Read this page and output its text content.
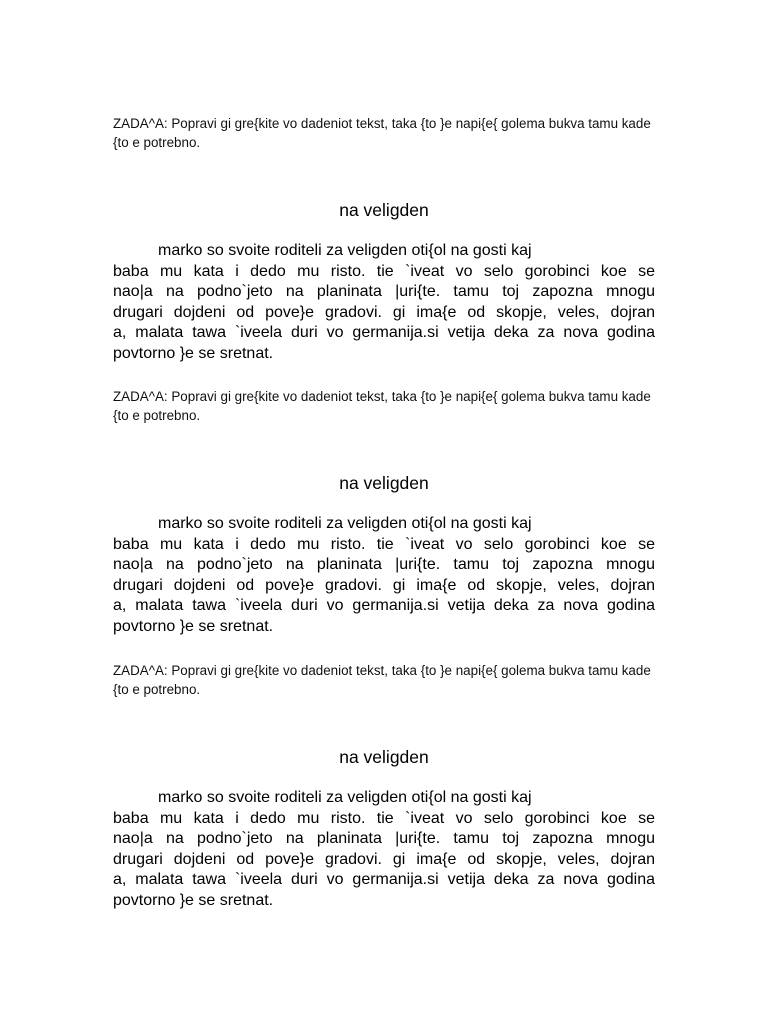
ZADA^A: Popravi gi gre{kite vo dadeniot tekst, taka {to }e napi{e{ golema bukva tamu kade {to e potrebno.

na veligden
marko so svoite roditeli za veligden oti{ol na gosti kaj
baba mu kata i dedo mu risto. tie `iveat vo selo gorobinci koe se
nao|a na podno`jeto na planinata |uri{te. tamu toj zapozna mnogu
drugari dojdeni od pove}e gradovi. gi ima{e od skopje, veles, dojran
a, malata tawa `iveela duri vo germanija.si vetija deka za nova godina
povtorno }e se sretnat.

ZADA^A: Popravi gi gre{kite vo dadeniot tekst, taka {to }e napi{e{ golema bukva tamu kade {to e potrebno.

na veligden
marko so svoite roditeli za veligden oti{ol na gosti kaj
baba mu kata i dedo mu risto. tie `iveat vo selo gorobinci koe se
nao|a na podno`jeto na planinata |uri{te. tamu toj zapozna mnogu
drugari dojdeni od pove}e gradovi. gi ima{e od skopje, veles, dojran
a, malata tawa `iveela duri vo germanija.si vetija deka za nova godina
povtorno }e se sretnat.

ZADA^A: Popravi gi gre{kite vo dadeniot tekst, taka {to }e napi{e{ golema bukva tamu kade {to e potrebno.

na veligden
marko so svoite roditeli za veligden oti{ol na gosti kaj
baba mu kata i dedo mu risto. tie `iveat vo selo gorobinci koe se
nao|a na podno`jeto na planinata |uri{te. tamu toj zapozna mnogu
drugari dojdeni od pove}e gradovi. gi ima{e od skopje, veles, dojran
a, malata tawa `iveela duri vo germanija.si vetija deka za nova godina
povtorno }e se sretnat.
